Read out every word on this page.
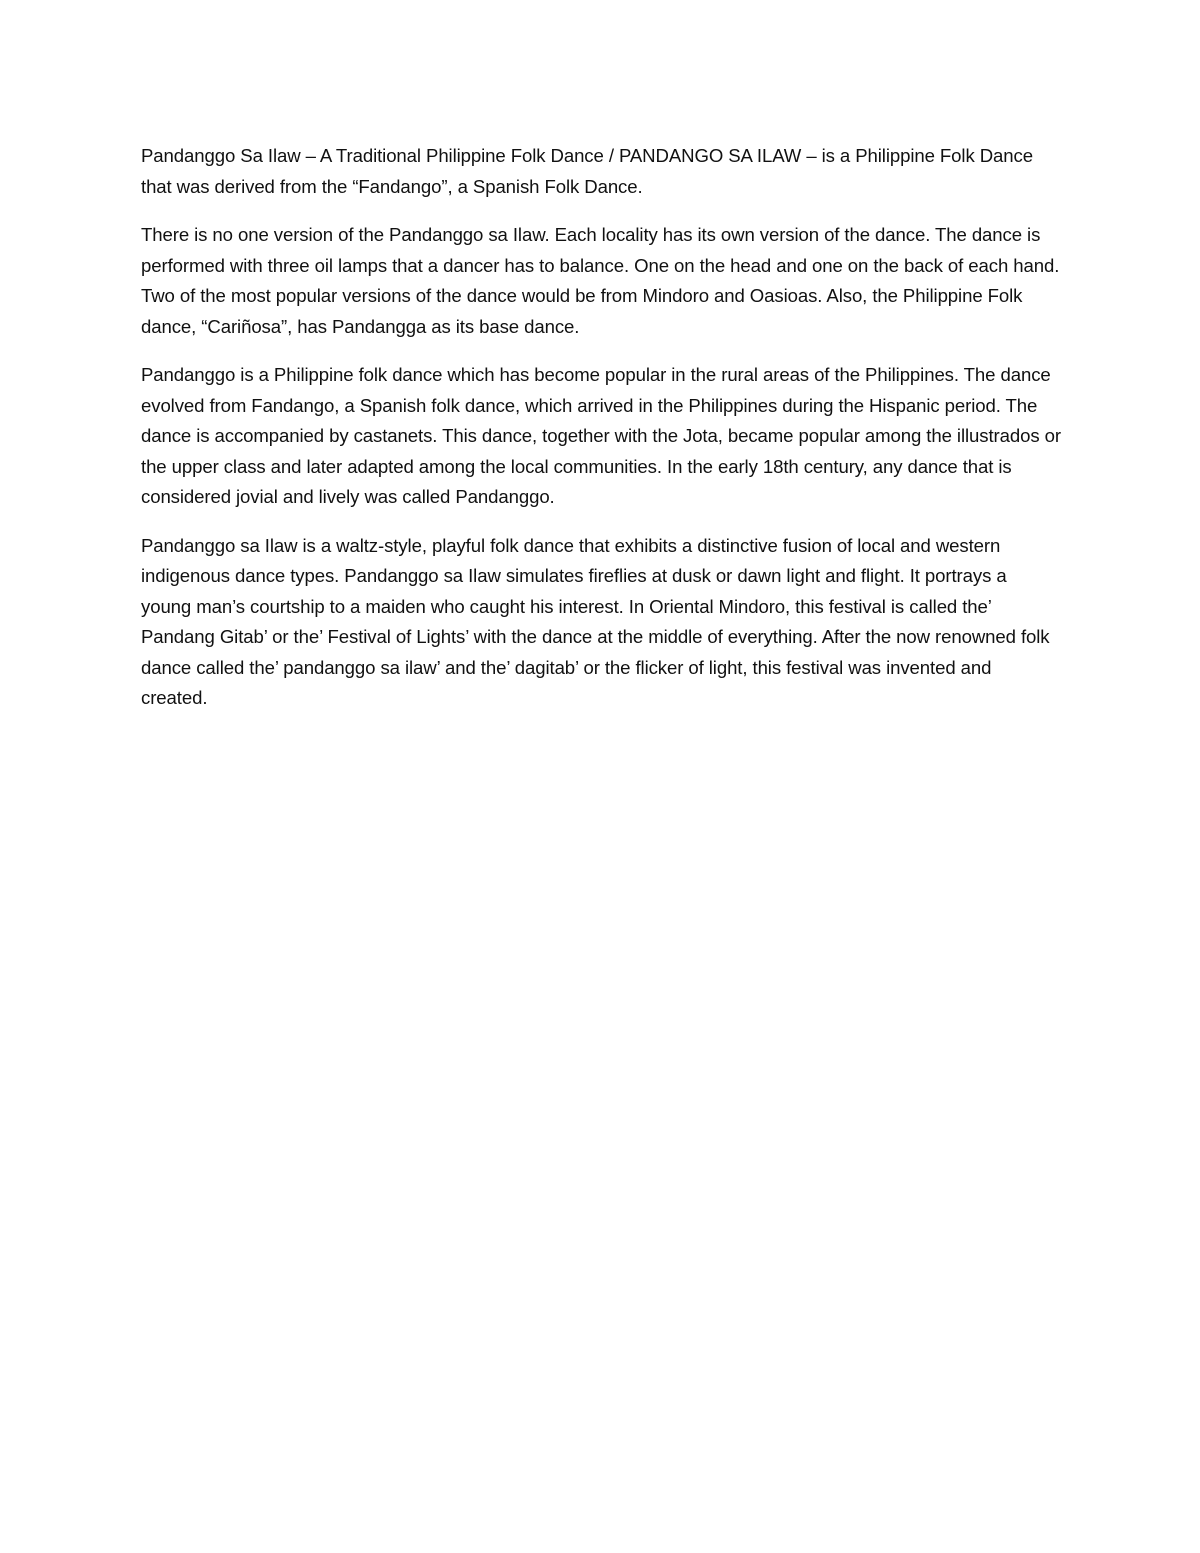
Pandanggo Sa Ilaw – A Traditional Philippine Folk Dance / PANDANGO SA ILAW – is a Philippine Folk Dance that was derived from the “Fandango”, a Spanish Folk Dance.

There is no one version of the Pandanggo sa Ilaw. Each locality has its own version of the dance. The dance is performed with three oil lamps that a dancer has to balance. One on the head and one on the back of each hand. Two of the most popular versions of the dance would be from Mindoro and Oasioas. Also, the Philippine Folk dance, “Cariñosa”, has Pandangga as its base dance.

Pandanggo is a Philippine folk dance which has become popular in the rural areas of the Philippines. The dance evolved from Fandango, a Spanish folk dance, which arrived in the Philippines during the Hispanic period. The dance is accompanied by castanets. This dance, together with the Jota, became popular among the illustrados or the upper class and later adapted among the local communities. In the early 18th century, any dance that is considered jovial and lively was called Pandanggo.

Pandanggo sa Ilaw is a waltz-style, playful folk dance that exhibits a distinctive fusion of local and western indigenous dance types. Pandanggo sa Ilaw simulates fireflies at dusk or dawn light and flight. It portrays a young man’s courtship to a maiden who caught his interest. In Oriental Mindoro, this festival is called the’ Pandang Gitab’ or the’ Festival of Lights’ with the dance at the middle of everything. After the now renowned folk dance called the’ pandanggo sa ilaw’ and the’ dagitab’ or the flicker of light, this festival was invented and created.
